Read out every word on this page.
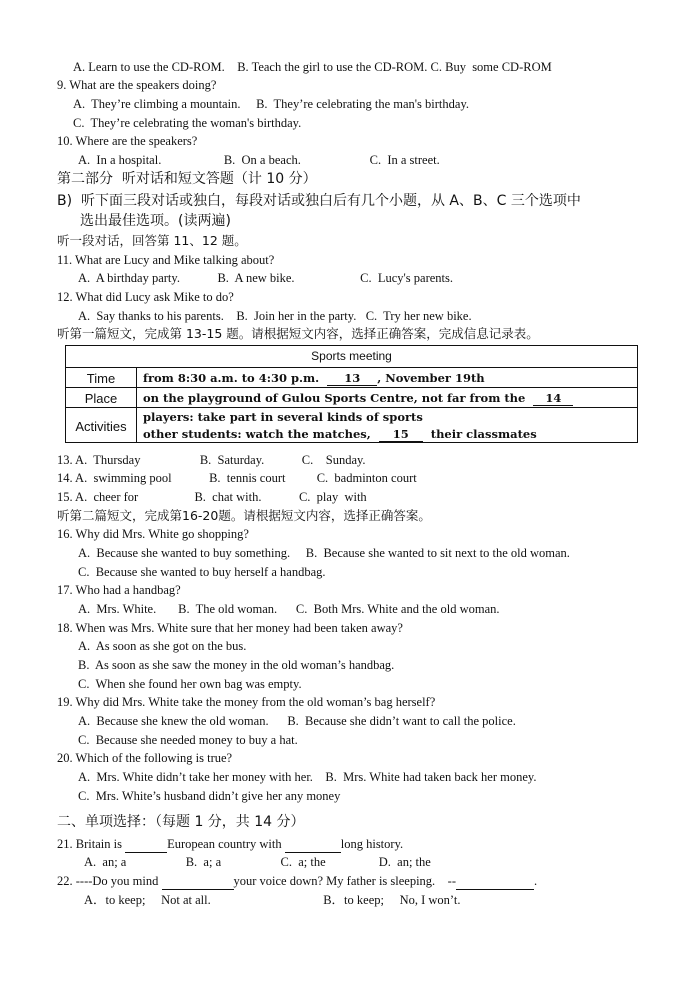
A. Learn to use the CD-ROM.    B. Teach the girl to use the CD-ROM. C. Buy  some CD-ROM
9. What are the speakers doing?
A.  They’re climbing a mountain.     B.  They’re celebrating the man's birthday.
C.  They’re celebrating the woman's birthday.
10. Where are the speakers?
A.  In a hospital.                    B.  On a beach.                      C.  In a street.
第二部分  听对话和短文答题（计 10 分）
B)  听下面三段对话或独白，每段对话或独白后有几个小题，从 A、B、C 三个选项中
选出最佳选项。(读两遍)
听一段对话，回答第 11、12 题。
11. What are Lucy and Mike talking about?
A.  A birthday party.            B.  A new bike.                     C.  Lucy's parents.
12. What did Lucy ask Mike to do?
A.  Say thanks to his parents.    B.  Join her in the party.   C.  Try her new bike.
听第一篇短文，完成第 13-15 题。请根据短文内容，选择正确答案，完成信息记录表。
Sports meeting
Time	from 8:30 a.m. to 4:30 p.m.  13 , November 19th
Place	on the playground of Gulou Sports Centre, not far from the  14
Activities
players: take part in several kinds of sports
other students: watch the matches,  15  their classmates
13. A.  Thursday                   B.  Saturday.            C.    Sunday.
14. A.  swimming pool            B.  tennis court          C.  badminton court
15. A.  cheer for                  B.  chat with.            C.  play  with
听第二篇短文，完成第16-20题。请根据短文内容，选择正确答案。
16. Why did Mrs. White go shopping?
A.  Because she wanted to buy something.     B.  Because she wanted to sit next to the old woman.
C.  Because she wanted to buy herself a handbag.
17. Who had a handbag?
A.  Mrs. White.       B.  The old woman.      C.  Both Mrs. White and the old woman.
18. When was Mrs. White sure that her money had been taken away?
A.  As soon as she got on the bus.
B.  As soon as she saw the money in the old woman’s handbag.
C.  When she found her own bag was empty.
19. Why did Mrs. White take the money from the old woman’s bag herself?
A.  Because she knew the old woman.      B.  Because she didn’t want to call the police.
C.  Because she needed money to buy a hat.
20. Which of the following is true?
A.  Mrs. White didn’t take her money with her.    B.  Mrs. White had taken back her money.
C.  Mrs. White’s husband didn’t give her any money
二、单项选择：（每题 1 分，共 14 分）
21. Britain is	European country with	long history.
A.  an; a                   B.  a; a                   C.  a; the                 D.  an; the
22. ----Do you mind	your voice down? My father is sleeping.    --	.
A．to keep;     Not at all.                                    B．to keep;     No, I won’t.
